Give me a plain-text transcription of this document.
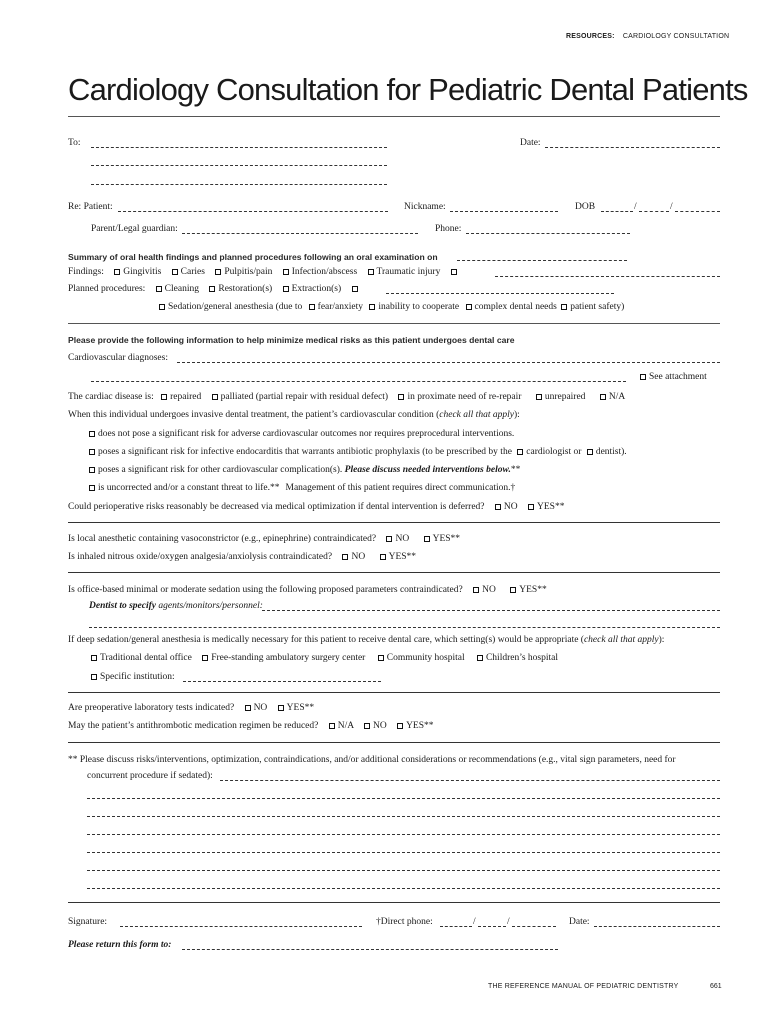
RESOURCES: CARDIOLOGY CONSULTATION
Cardiology Consultation for Pediatric Dental Patients
To:	Date:
Re: Patient:	Nickname:	DOB	/	/
Parent/Legal guardian:	Phone:
Summary of oral health findings and planned procedures following an oral examination on
Findings: Gingivitis Caries Pulpitis/pain Infection/abscess Traumatic injury
Planned procedures: Cleaning Restoration(s) Extraction(s)
Sedation/general anesthesia (due to fear/anxiety inability to cooperate complex dental needs patient safety)
Please provide the following information to help minimize medical risks as this patient undergoes dental care
Cardiovascular diagnoses:
See attachment
The cardiac disease is: repaired palliated (partial repair with residual defect) in proximate need of re-repair unrepaired N/A
When this individual undergoes invasive dental treatment, the patient’s cardiovascular condition (check all that apply):
does not pose a significant risk for adverse cardiovascular outcomes nor requires preprocedural interventions.
poses a significant risk for infective endocarditis that warrants antibiotic prophylaxis (to be prescribed by the cardiologist or dentist).
poses a significant risk for other cardiovascular complication(s). Please discuss needed interventions below.**
is uncorrected and/or a constant threat to life.** Management of this patient requires direct communication.†
Could perioperative risks reasonably be decreased via medical optimization if dental intervention is deferred? NO YES**
Is local anesthetic containing vasoconstrictor (e.g., epinephrine) contraindicated? NO YES**
Is inhaled nitrous oxide/oxygen analgesia/anxiolysis contraindicated? NO YES**
Is office-based minimal or moderate sedation using the following proposed parameters contraindicated? NO YES**
Dentist to specify agents/monitors/personnel:
If deep sedation/general anesthesia is medically necessary for this patient to receive dental care, which setting(s) would be appropriate (check all that apply):
Traditional dental office Free-standing ambulatory surgery center Community hospital Children’s hospital
Specific institution:
Are preoperative laboratory tests indicated? NO YES**
May the patient’s antithrombotic medication regimen be reduced? N/A NO YES**
** Please discuss risks/interventions, optimization, contraindications, and/or additional considerations or recommendations (e.g., vital sign parameters, need for
concurrent procedure if sedated):
Signature:	†Direct phone:	/	/	Date:
Please return this form to:
THE REFERENCE MANUAL OF PEDIATRIC DENTISTRY	661
